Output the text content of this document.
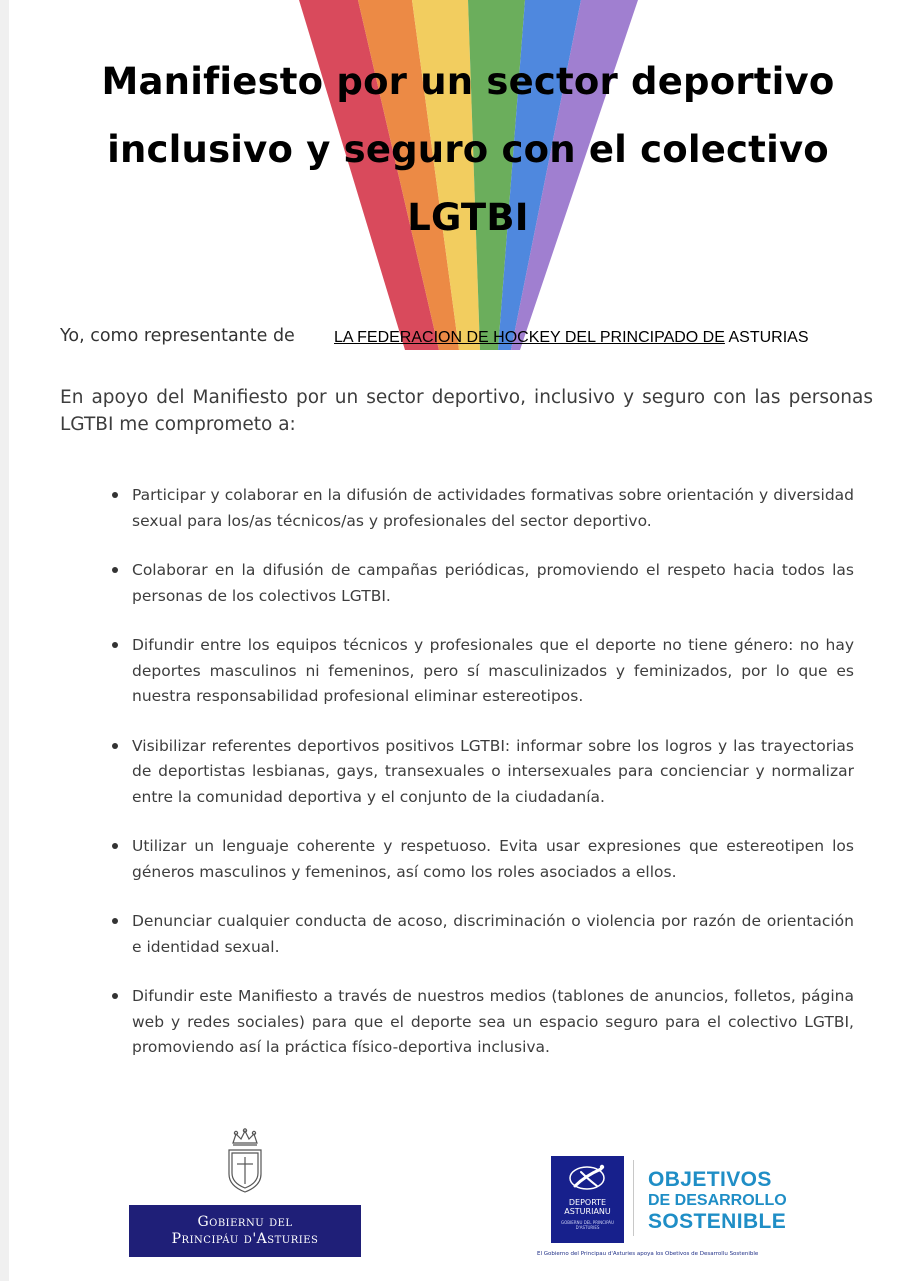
Manifiesto por un sector deportivo inclusivo y seguro con el colectivo LGTBI
Yo, como representante de LA FEDERACION DE HOCKEY DEL PRINCIPADO DE ASTURIAS

En apoyo del Manifiesto por un sector deportivo, inclusivo y seguro con las personas LGTBI me comprometo a:

Participar y colaborar en la difusión de actividades formativas sobre orientación y diversidad sexual para los/as técnicos/as y profesionales del sector deportivo.
Colaborar en la difusión de campañas periódicas, promoviendo el respeto hacia todos las personas de los colectivos LGTBI.
Difundir entre los equipos técnicos y profesionales que el deporte no tiene género: no hay deportes masculinos ni femeninos, pero sí masculinizados y feminizados, por lo que es nuestra responsabilidad profesional eliminar estereotipos.
Visibilizar referentes deportivos positivos LGTBI: informar sobre los logros y las trayectorias de deportistas lesbianas, gays, transexuales o intersexuales para concienciar y normalizar entre la comunidad deportiva y el conjunto de la ciudadanía.
Utilizar un lenguaje coherente y respetuoso. Evita usar expresiones que estereotipen los géneros masculinos y femeninos, así como los roles asociados a ellos.
Denunciar cualquier conducta de acoso, discriminación o violencia por razón de orientación e identidad sexual.
Difundir este Manifiesto a través de nuestros medios (tablones de anuncios, folletos, página web y redes sociales) para que el deporte sea un espacio seguro para el colectivo LGTBI, promoviendo así la práctica físico-deportiva inclusiva.
Gobiernu del
Principáu d'Asturies
DEPORTE
ASTURIANU
GOBIERNU DEL PRINCIPÁU D'ASTURIES
OBJETIVOS
DE DESARROLLO
SOSTENIBLE
El Gobierno del Principau d'Asturies apoya los Obetivos de Desarrollu Sostenible
